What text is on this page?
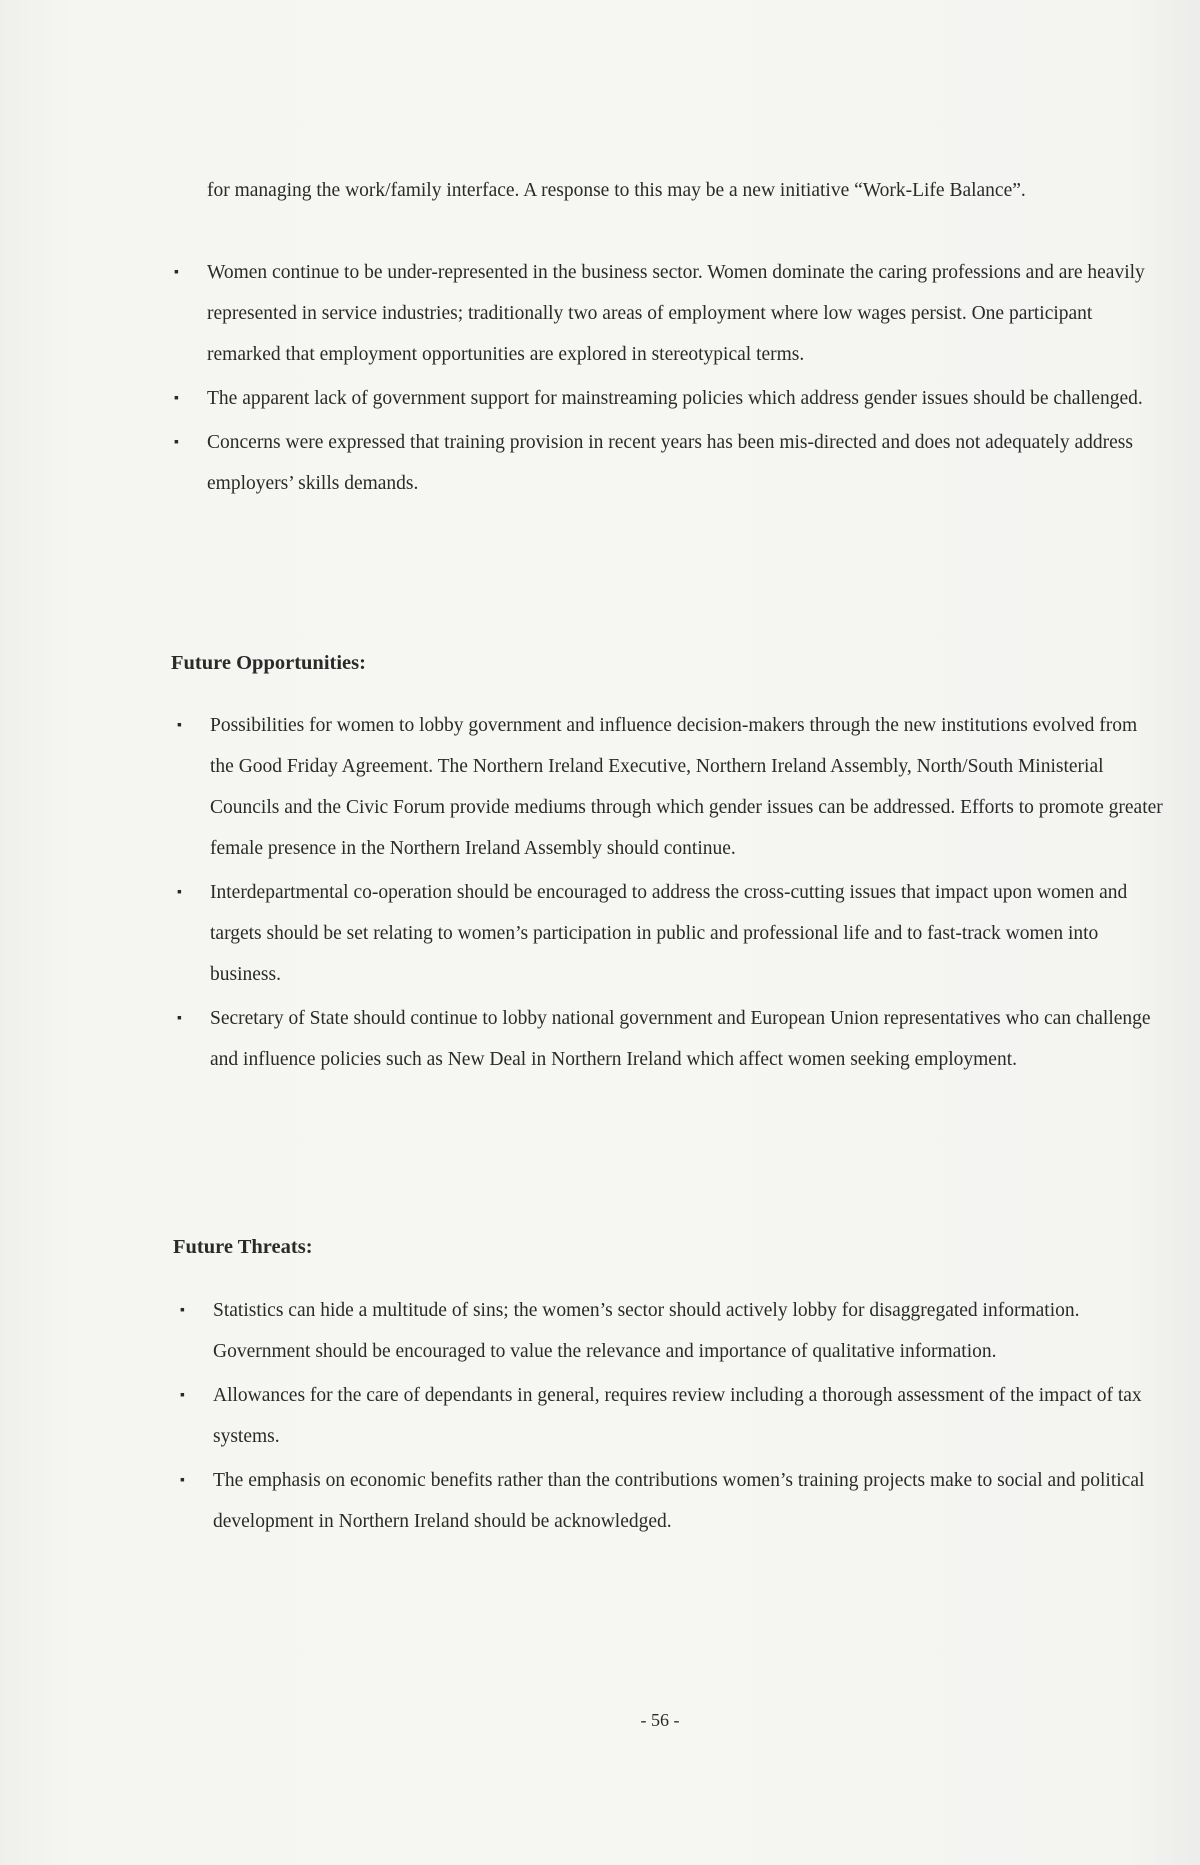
for managing the work/family interface. A response to this may be a new initiative “Work-Life Balance”.

▪ Women continue to be under-represented in the business sector. Women dominate the caring professions and are heavily represented in service industries; traditionally two areas of employment where low wages persist. One participant remarked that employment opportunities are explored in stereotypical terms.
▪ The apparent lack of government support for mainstreaming policies which address gender issues should be challenged.
▪ Concerns were expressed that training provision in recent years has been mis-directed and does not adequately address employers’ skills demands.
Future Opportunities:
▪ Possibilities for women to lobby government and influence decision-makers through the new institutions evolved from the Good Friday Agreement. The Northern Ireland Executive, Northern Ireland Assembly, North/South Ministerial Councils and the Civic Forum provide mediums through which gender issues can be addressed. Efforts to promote greater female presence in the Northern Ireland Assembly should continue.
▪ Interdepartmental co-operation should be encouraged to address the cross-cutting issues that impact upon women and targets should be set relating to women’s participation in public and professional life and to fast-track women into business.
▪ Secretary of State should continue to lobby national government and European Union representatives who can challenge and influence policies such as New Deal in Northern Ireland which affect women seeking employment.
Future Threats:
▪ Statistics can hide a multitude of sins; the women’s sector should actively lobby for disaggregated information. Government should be encouraged to value the relevance and importance of qualitative information.
▪ Allowances for the care of dependants in general, requires review including a thorough assessment of the impact of tax systems.
▪ The emphasis on economic benefits rather than the contributions women’s training projects make to social and political development in Northern Ireland should be acknowledged.
- 56 -
